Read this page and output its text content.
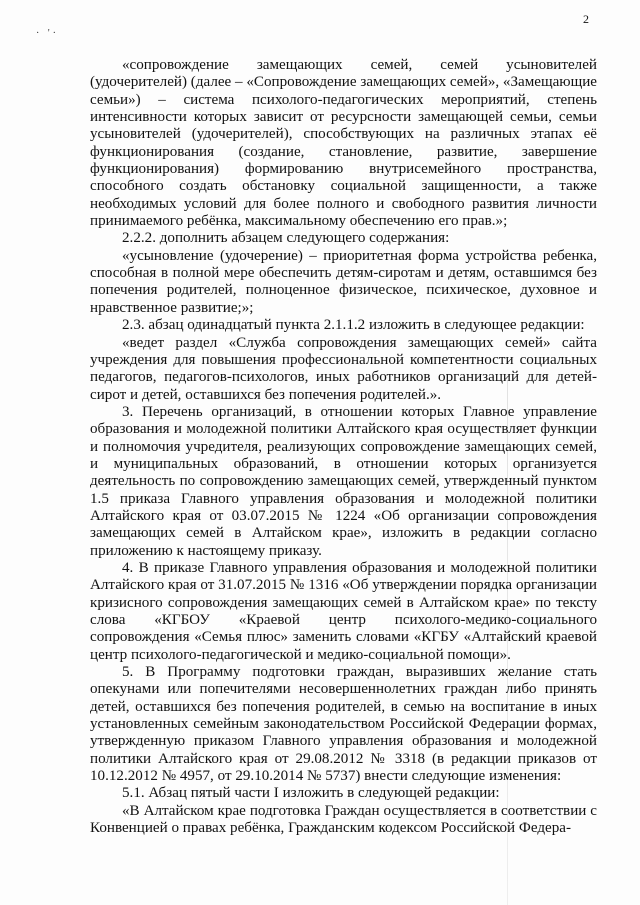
· '·
2

«сопровождение замещающих семей, семей усыновителей (удочерителей) (далее – «Сопровождение замещающих семей», «Замещающие семьи») – система психолого-педагогических мероприятий, степень интенсивности которых зависит от ресурсности замещающей семьи, семьи усыновителей (удочерителей), способствующих на различных этапах её функционирования (создание, становление, развитие, завершение функционирования) формированию внутрисемейного пространства, способного создать обстановку социальной защищенности, а также необходимых условий для более полного и свободного развития личности принимаемого ребёнка, максимальному обеспечению его прав.»;

2.2.2. дополнить абзацем следующего содержания:

«усыновление (удочерение) – приоритетная форма устройства ребенка, способная в полной мере обеспечить детям-сиротам и детям, оставшимся без попечения родителей, полноценное физическое, психическое, духовное и нравственное развитие;»;

2.3. абзац одинадцатый пункта 2.1.1.2 изложить в следующее редакции:

«ведет раздел «Служба сопровождения замещающих семей» сайта учреждения для повышения профессиональной компетентности социальных педагогов, педагогов-психологов, иных работников организаций для детей-сирот и детей, оставшихся без попечения родителей.».

3. Перечень организаций, в отношении которых Главное управление образования и молодежной политики Алтайского края осуществляет функции и полномочия учредителя, реализующих сопровождение замещающих семей, и муниципальных образований, в отношении которых организуется деятельность по сопровождению замещающих семей, утвержденный пунктом 1.5 приказа Главного управления образования и молодежной политики Алтайского края от 03.07.2015 № 1224 «Об организации сопровождения замещающих семей в Алтайском крае», изложить в редакции согласно приложению к настоящему приказу.

4. В приказе Главного управления образования и молодежной политики Алтайского края от 31.07.2015 № 1316 «Об утверждении порядка организации кризисного сопровождения замещающих семей в Алтайском крае» по тексту слова «КГБОУ «Краевой центр психолого-медико-социального сопровождения «Семья плюс» заменить словами «КГБУ «Алтайский краевой центр психолого-педагогической и медико-социальной помощи».

5. В Программу подготовки граждан, выразивших желание стать опекунами или попечителями несовершеннолетних граждан либо принять детей, оставшихся без попечения родителей, в семью на воспитание в иных установленных семейным законодательством Российской Федерации формах, утвержденную приказом Главного управления образования и молодежной политики Алтайского края от 29.08.2012 № 3318 (в редакции приказов от 10.12.2012 № 4957, от 29.10.2014 № 5737) внести следующие изменения:

5.1. Абзац пятый части I изложить в следующей редакции:

«В Алтайском крае подготовка Граждан осуществляется в соответствии с Конвенцией о правах ребёнка, Гражданским кодексом Российской Федера-
